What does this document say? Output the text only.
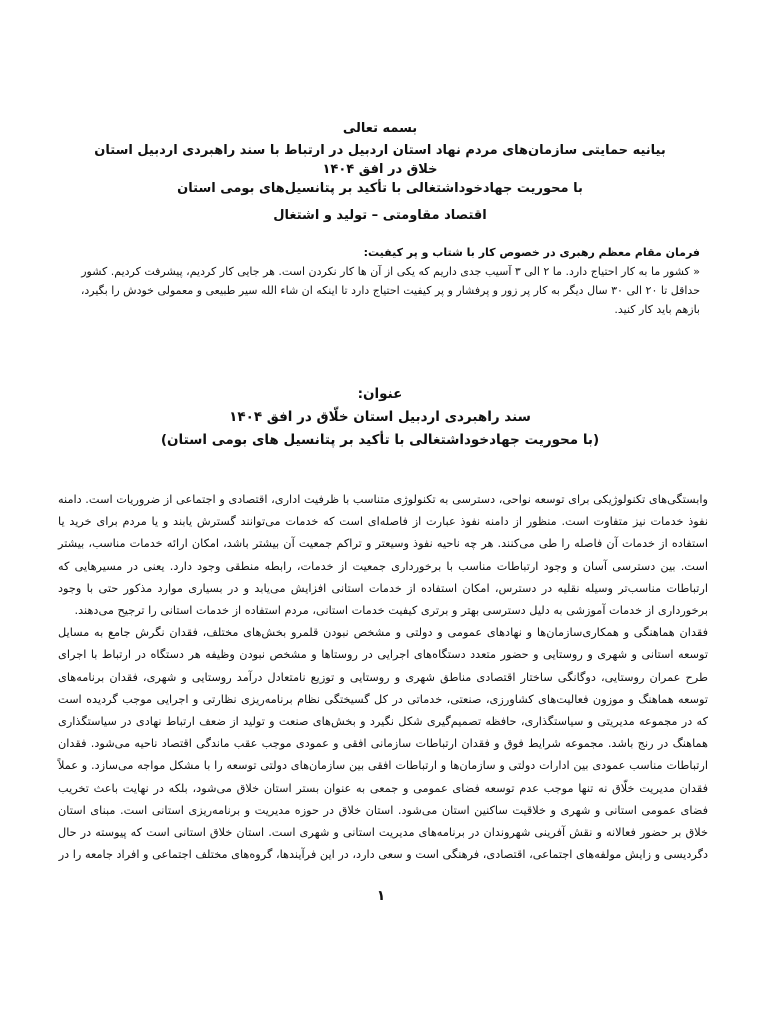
بسمه تعالی
بیانیه حمایتی سازمان‌های مردم نهاد استان اردبیل در ارتباط با سند راهبردی اردبیل استان خلاق در افق ۱۴۰۴
با محوریت جهادخوداشتغالی با تأکید بر پتانسیل‌های بومی استان
اقتصاد مقاومتی – تولید و اشتغال
فرمان مقام معظم رهبری در خصوص کار با شتاب و پر کیفیت:
« کشور ما به کار احتیاج دارد. ما ۲ الی ۳ آسیب جدی داریم که یکی از آن ها کار نکردن است. هر جایی کار کردیم، پیشرفت کردیم. کشور
حداقل تا ۲۰ الی ۳۰ سال دیگر به کار پر زور و پرفشار و پر کیفیت احتیاج دارد تا اینکه ان شاء الله سیر طبیعی و معمولی خودش را بگیرد،
بازهم باید کار کنید.
عنوان:
سند راهبردی اردبیل استان خلّاق در افق ۱۴۰۴
(با محوریت جهادخوداشتغالی با تأکید بر پتانسیل های بومی استان)

وابستگی‌های تکنولوژیکی برای توسعه نواحی، دسترسی به تکنولوژی متناسب با ظرفیت اداری، اقتصادی و اجتماعی از ضروریات است. دامنه نفوذ خدمات نیز متفاوت است. منظور از دامنه نفوذ عبارت از فاصله‌ای است که خدمات می‌توانند گسترش یابند و یا مردم برای خرید یا استفاده از خدمات آن فاصله را طی می‌کنند. هر چه ناحیه نفوذ وسیعتر و تراکم جمعیت آن بیشتر باشد، امکان ارائه خدمات مناسب، بیشتر است. بین دسترسی آسان و وجود ارتباطات مناسب با برخورداری جمعیت از خدمات، رابطه منطقی وجود دارد. یعنی در مسیرهایی که ارتباطات مناسب‌تر وسیله نقلیه در دسترس، امکان استفاده از خدمات استانی افزایش می‌یابد و در بسیاری موارد مذکور حتی با وجود برخورداری از خدمات آموزشی به دلیل دسترسی بهتر و برتری کیفیت خدمات استانی، مردم استفاده از خدمات استانی را ترجیح می‌دهند.

فقدان هماهنگی و همکاری‌سازمان‌ها و نهادهای عمومی و دولتی و مشخص نبودن قلمرو بخش‌های مختلف، فقدان نگرش جامع به مسایل توسعه استانی و شهری و روستایی و حضور متعدد دستگاه‌های اجرایی در روستاها و مشخص نبودن وظیفه هر دستگاه در ارتباط با اجرای طرح عمران روستایی، دوگانگی ساختار اقتصادی مناطق شهری و روستایی و توزیع نامتعادل درآمد روستایی و شهری، فقدان برنامه‌های توسعه هماهنگ و موزون فعالیت‌های کشاورزی، صنعتی، خدماتی در کل گسیختگی نظام برنامه‌ریزی نظارتی و اجرایی موجب گردیده است که در مجموعه مدیریتی و سیاستگذاری، حافظه تصمیم‌گیری شکل نگیرد و بخش‌های صنعت و تولید از ضعف ارتباط نهادی در سیاستگذاری هماهنگ در رنج باشد. مجموعه شرایط فوق و فقدان ارتباطات سازمانی افقی و عمودی موجب عقب ماندگی اقتصاد ناحیه می‌شود. فقدان ارتباطات مناسب عمودی بین ادارات دولتی و سازمان‌ها و ارتباطات افقی بین سازمان‌های دولتی توسعه را با مشکل مواجه می‌سازد. و عملاً فقدان مدیریت خلّاق نه تنها موجب عدم توسعه فضای عمومی و جمعی به عنوان بستر استان خلاق می‌شود، بلکه در نهایت باعث تخریب فضای عمومی استانی و شهری و خلاقیت ساکنین استان می‌شود. استان خلاق در حوزه مدیریت و برنامه‌ریزی استانی است. مبنای استان خلاق بر حضور فعالانه و نقش آفرینی شهروندان در برنامه‌های مدیریت استانی و شهری است. استان خلاق استانی است که پیوسته در حال دگردیسی و زایش مولفه‌های اجتماعی، اقتصادی، فرهنگی است و سعی دارد، در این فرآیندها، گروه‌های مختلف اجتماعی و افراد جامعه را در

۱
